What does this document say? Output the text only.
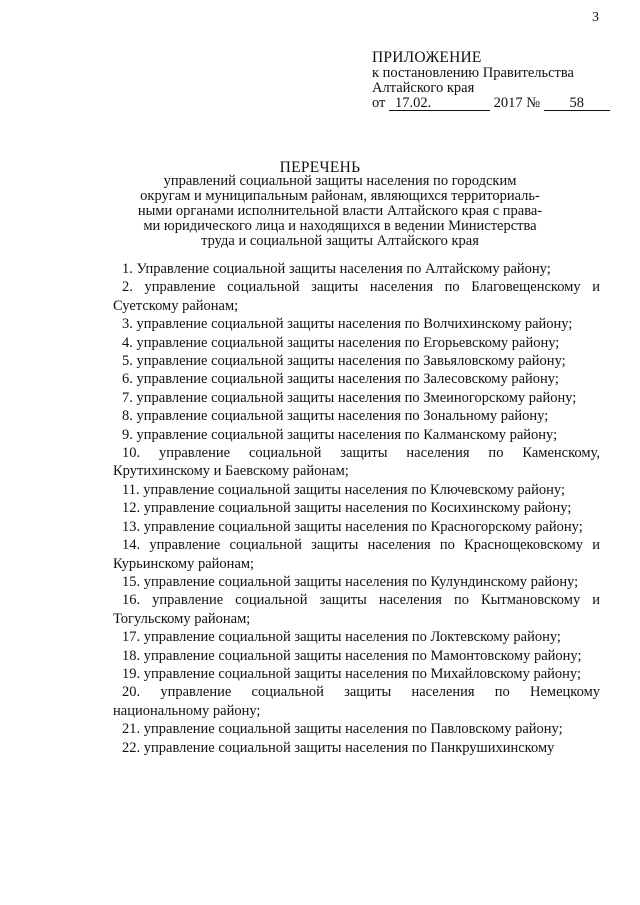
3
ПРИЛОЖЕНИЕ
к постановлению Правительства
Алтайского края
от 17.02.	2017 № 58
ПЕРЕЧЕНЬ
управлений социальной защиты населения по городским
округам и муниципальным районам, являющихся территориаль-
ными органами исполнительной власти Алтайского края с права-
ми юридического лица и находящихся в ведении Министерства
труда и социальной защиты Алтайского края

1. Управление социальной защиты населения по Алтайскому району;

2. управление социальной защиты населения по Благовещенскому и Суетскому районам;

3. управление социальной защиты населения по Волчихинскому району;

4. управление социальной защиты населения по Егорьевскому району;

5. управление социальной защиты населения по Завьяловскому району;

6. управление социальной защиты населения по Залесовскому району;

7. управление социальной защиты населения по Змеиногорскому району;

8. управление социальной защиты населения по Зональному району;

9. управление социальной защиты населения по Калманскому району;

10. управление социальной защиты населения по Каменскому, Крутихинскому и Баевскому районам;

11. управление социальной защиты населения по Ключевскому району;

12. управление социальной защиты населения по Косихинскому району;

13. управление социальной защиты населения по Красногорскому району;

14. управление социальной защиты населения по Краснощековскому и Курьинскому районам;

15. управление социальной защиты населения по Кулундинскому району;

16. управление социальной защиты населения по Кытмановскому и Тогульскому районам;

17. управление социальной защиты населения по Локтевскому району;

18. управление социальной защиты населения по Мамонтовскому району;

19. управление социальной защиты населения по Михайловскому району;

20. управление социальной защиты населения по Немецкому национальному району;

21. управление социальной защиты населения по Павловскому району;

22. управление социальной защиты населения по Панкрушихинскому
